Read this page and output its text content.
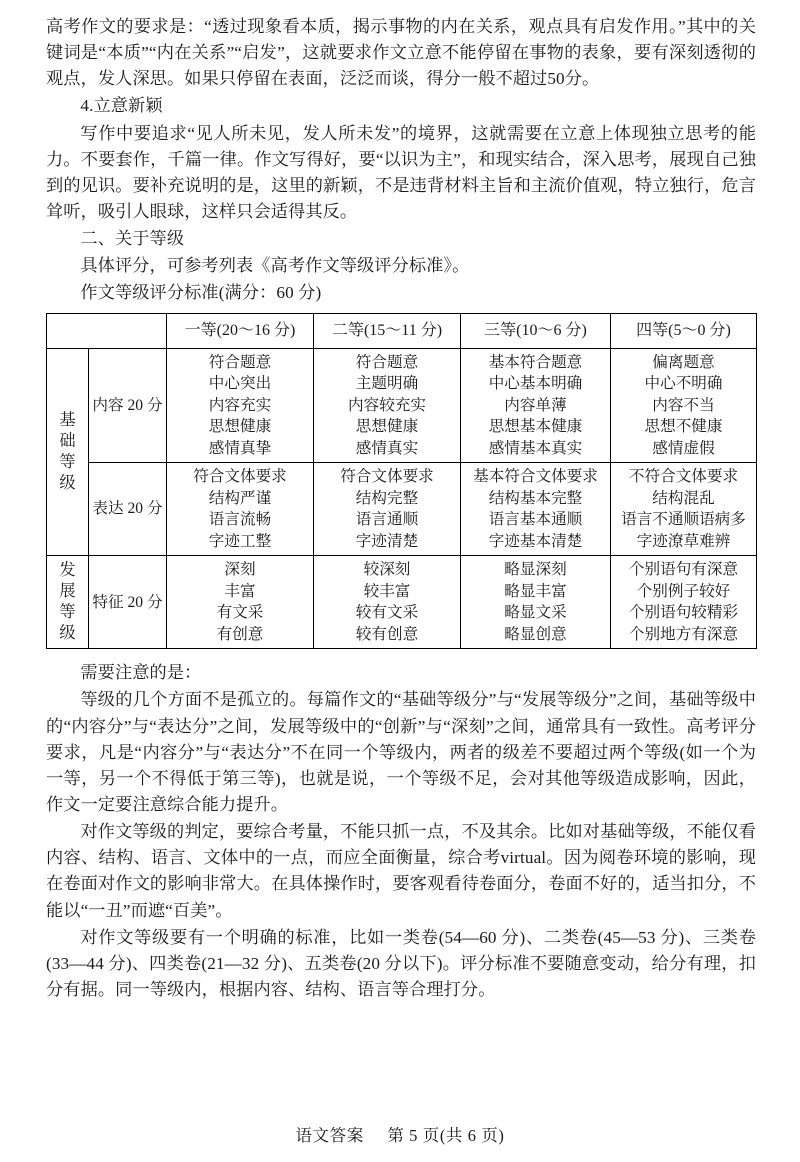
高考作文的要求是：“透过现象看本质，揭示事物的内在关系，观点具有启发作用。”其中的关键词是“本质”“内在关系”“启发”，这就要求作文立意不能停留在事物的表象，要有深刻透彻的观点，发人深思。如果只停留在表面，泛泛而谈，得分一般不超过50分。

4.立意新颖

写作中要追求“见人所未见，发人所未发”的境界，这就需要在立意上体现独立思考的能力。不要套作，千篇一律。作文写得好，要“以识为主”，和现实结合，深入思考，展现自己独到的见识。要补充说明的是，这里的新颖，不是违背材料主旨和主流价值观，特立独行，危言耸听，吸引人眼球，这样只会适得其反。

二、关于等级

具体评分，可参考列表《高考作文等级评分标准》。

作文等级评分标准(满分：60 分)

		一等(20～16 分)	二等(15～11 分)	三等(10～6 分)	四等(5～0 分)

基
础
等
级	内容 20 分	符合题意
中心突出
内容充实
思想健康
感情真挚	符合题意
主题明确
内容较充实
思想健康
感情真实	基本符合题意
中心基本明确
内容单薄
思想基本健康
感情基本真实	偏离题意
中心不明确
内容不当
思想不健康
感情虚假

	表达 20 分	符合文体要求
结构严谨
语言流畅
字迹工整	符合文体要求
结构完整
语言通顺
字迹清楚	基本符合文体要求
结构基本完整
语言基本通顺
字迹基本清楚	不符合文体要求
结构混乱
语言不通顺语病多
字迹潦草难辨

发
展
等
级	特征 20 分	深刻
丰富
有文采
有创意	较深刻
较丰富
较有文采
较有创意	略显深刻
略显丰富
略显文采
略显创意	个别语句有深意
个别例子较好
个别语句较精彩
个别地方有深意

需要注意的是：

等级的几个方面不是孤立的。每篇作文的“基础等级分”与“发展等级分”之间，基础等级中的“内容分”与“表达分”之间，发展等级中的“创新”与“深刻”之间，通常具有一致性。高考评分要求，凡是“内容分”与“表达分”不在同一个等级内，两者的级差不要超过两个等级(如一个为一等，另一个不得低于第三等)，也就是说，一个等级不足，会对其他等级造成影响，因此，作文一定要注意综合能力提升。

对作文等级的判定，要综合考量，不能只抓一点，不及其余。比如对基础等级，不能仅看内容、结构、语言、文体中的一点，而应全面衡量，综合考virtual。因为阅卷环境的影响，现在卷面对作文的影响非常大。在具体操作时，要客观看待卷面分，卷面不好的，适当扣分，不能以“一丑”而遮“百美”。

对作文等级要有一个明确的标准，比如一类卷(54—60 分)、二类卷(45—53 分)、三类卷(33—44 分)、四类卷(21—32 分)、五类卷(20 分以下)。评分标准不要随意变动，给分有理，扣分有据。同一等级内，根据内容、结构、语言等合理打分。

语文答案 第 5 页(共 6 页)
